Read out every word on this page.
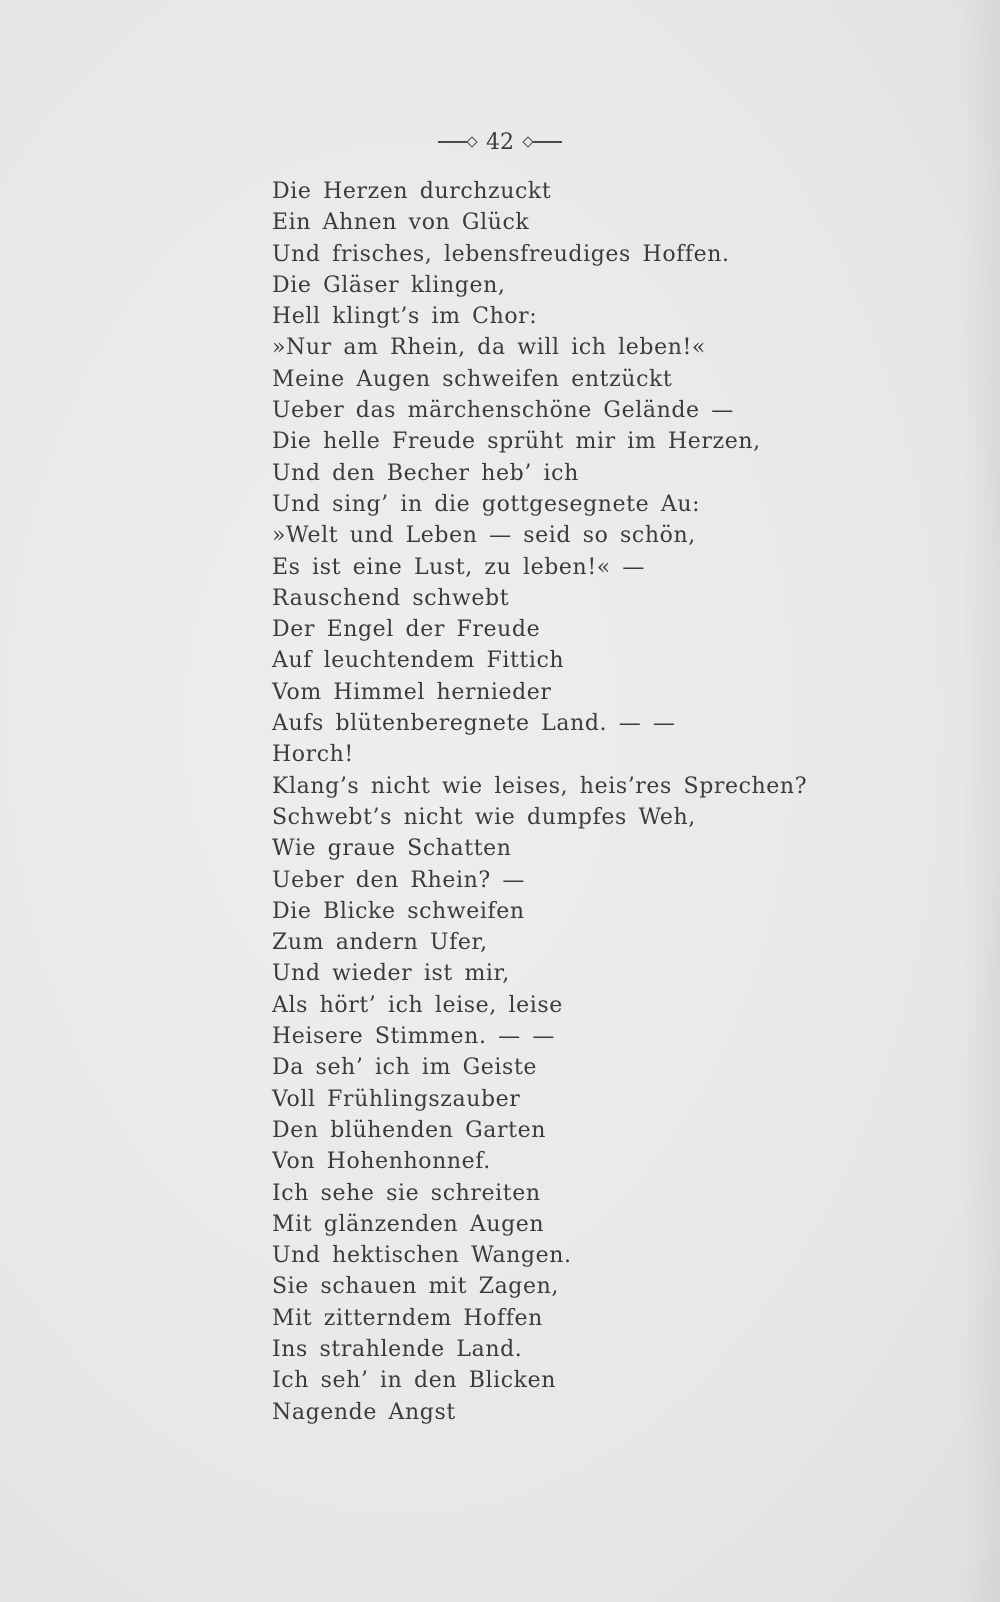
42
Die Herzen durchzuckt
Ein Ahnen von Glück
Und frisches, lebensfreudiges Hoffen.
Die Gläser klingen,
Hell klingt’s im Chor:
»Nur am Rhein, da will ich leben!«
Meine Augen schweifen entzückt
Ueber das märchenschöne Gelände —
Die helle Freude sprüht mir im Herzen,
Und den Becher heb’ ich
Und sing’ in die gottgesegnete Au:
»Welt und Leben — seid so schön,
Es ist eine Lust, zu leben!« —
Rauschend schwebt
Der Engel der Freude
Auf leuchtendem Fittich
Vom Himmel hernieder
Aufs blütenberegnete Land. — —
Horch!
Klang’s nicht wie leises, heis’res Sprechen?
Schwebt’s nicht wie dumpfes Weh,
Wie graue Schatten
Ueber den Rhein? —
Die Blicke schweifen
Zum andern Ufer,
Und wieder ist mir,
Als hört’ ich leise, leise
Heisere Stimmen. — —
Da seh’ ich im Geiste
Voll Frühlingszauber
Den blühenden Garten
Von Hohenhonnef.
Ich sehe sie schreiten
Mit glänzenden Augen
Und hektischen Wangen.
Sie schauen mit Zagen,
Mit zitterndem Hoffen
Ins strahlende Land.
Ich seh’ in den Blicken
Nagende Angst
